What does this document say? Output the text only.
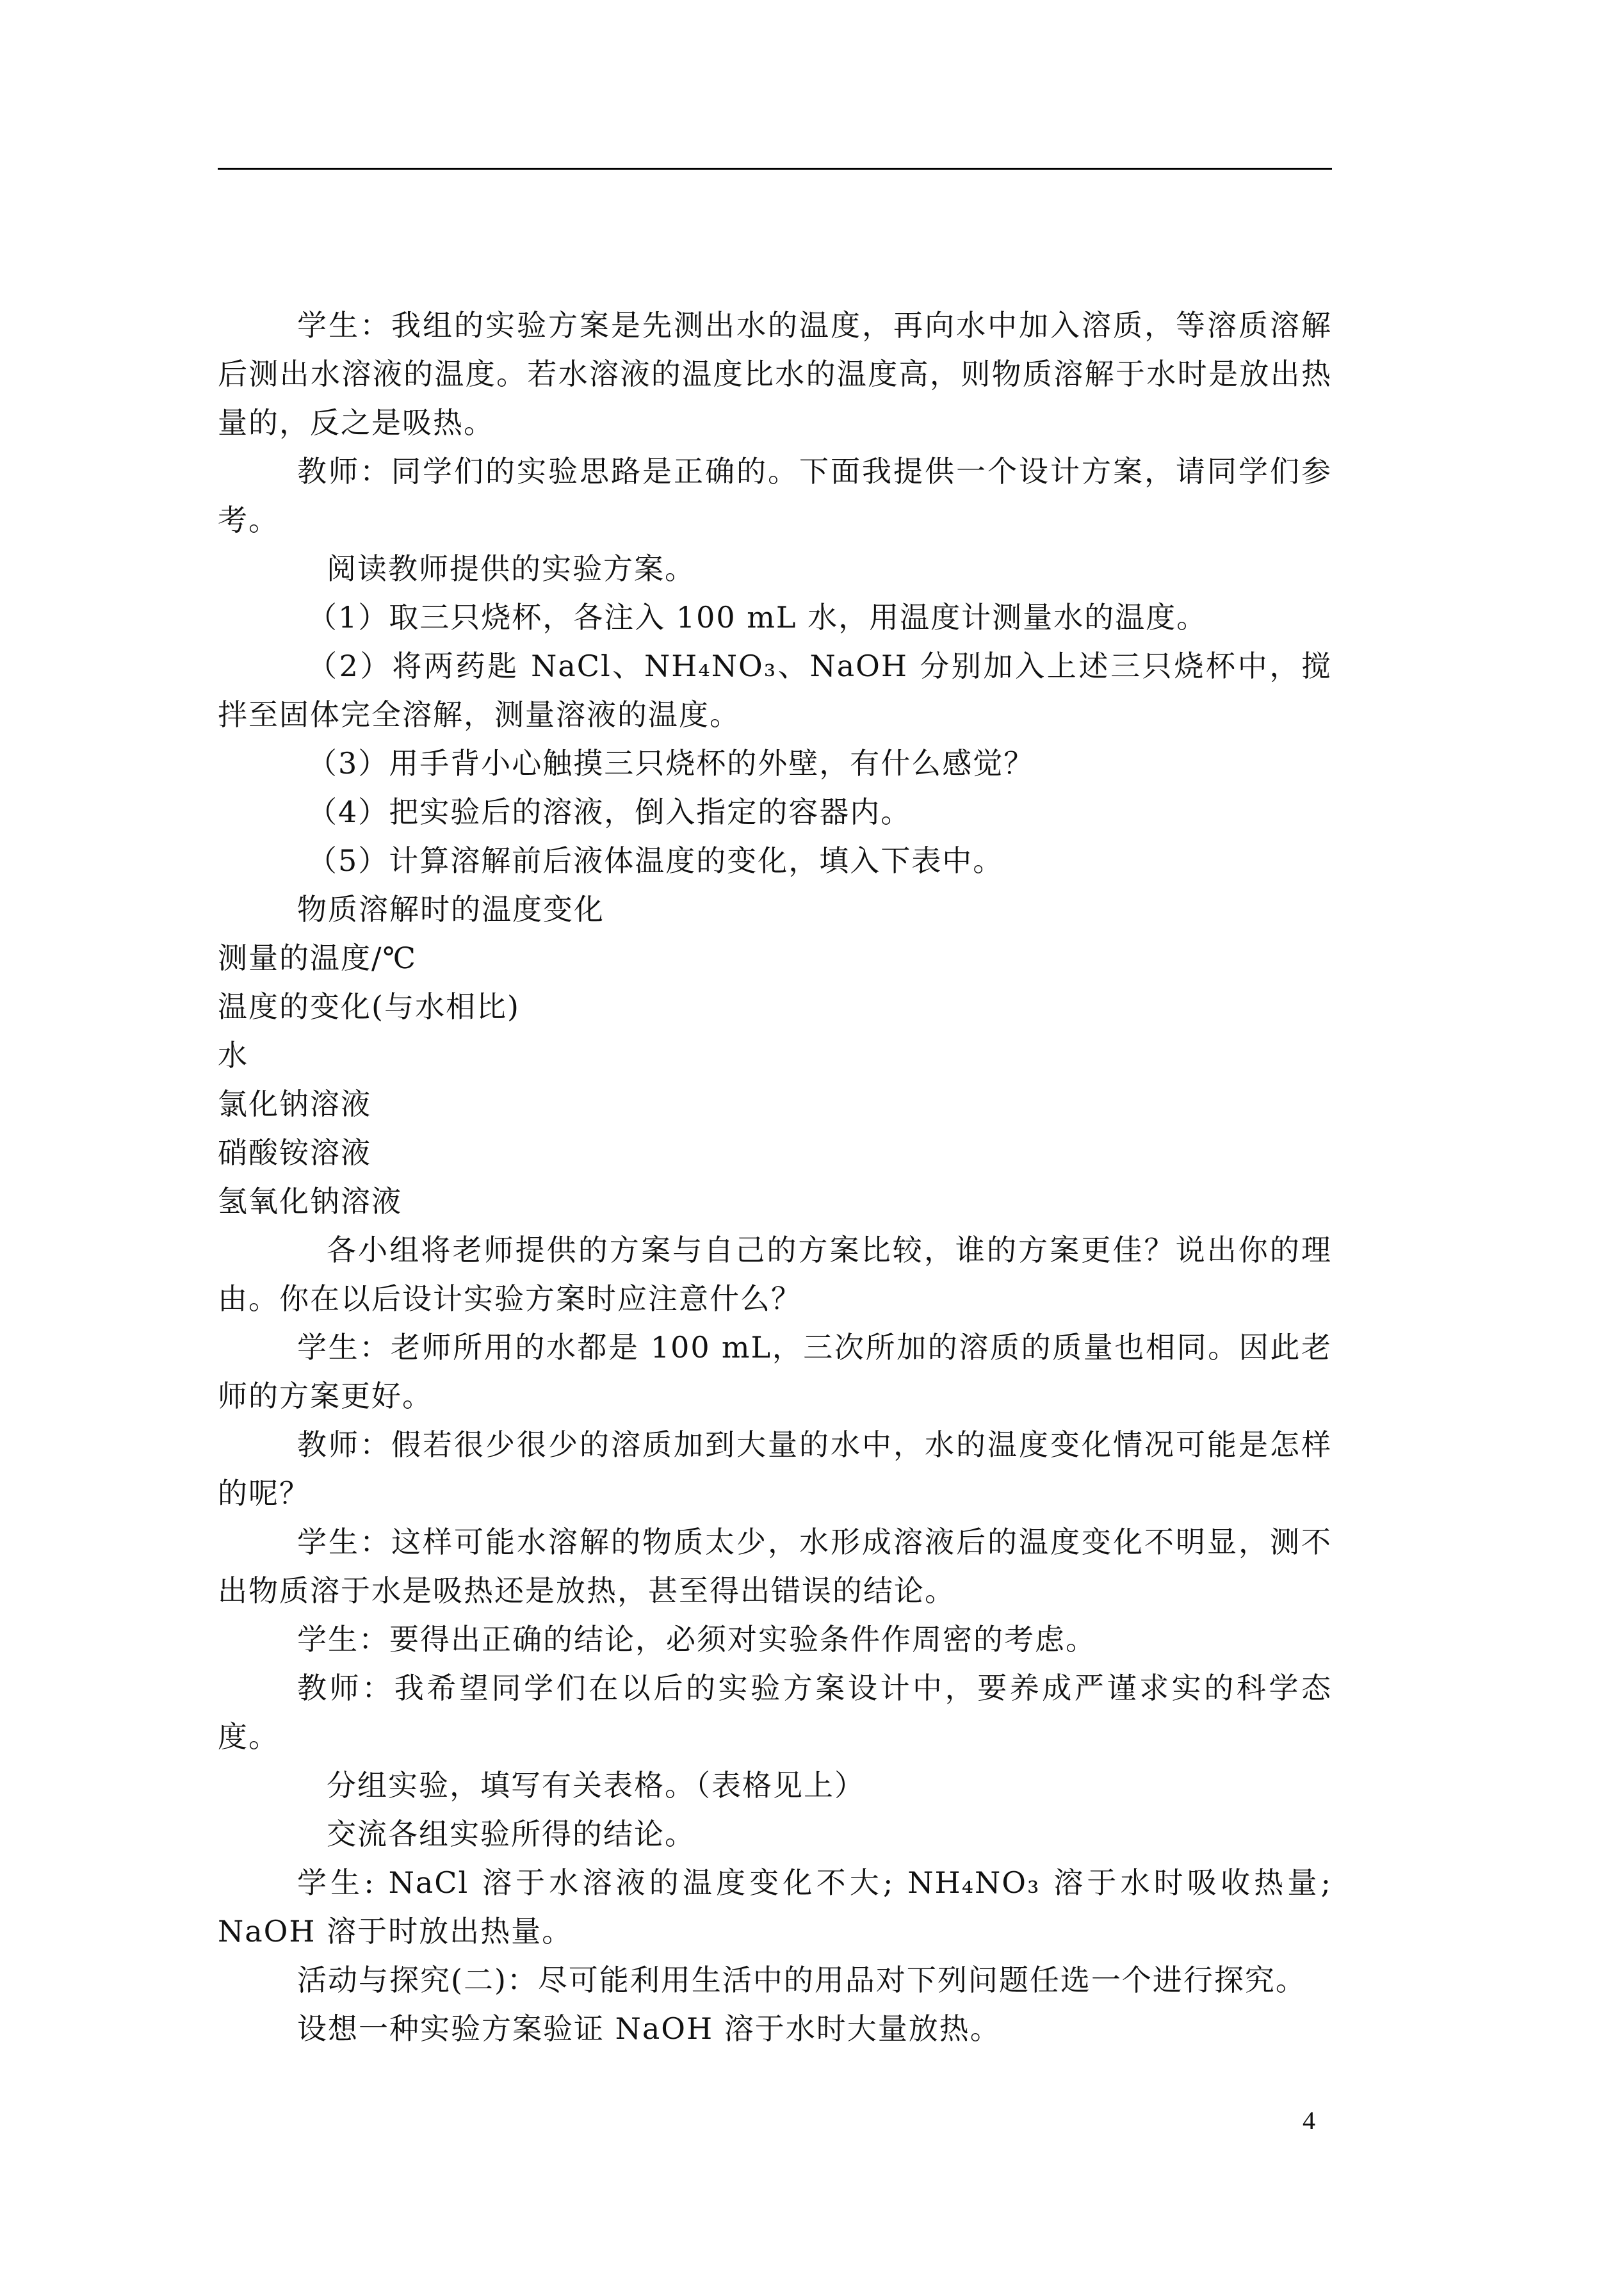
学生：我组的实验方案是先测出水的温度，再向水中加入溶质，等溶质溶解后测出水溶液的温度。若水溶液的温度比水的温度高，则物质溶解于水时是放出热量的，反之是吸热。

教师：同学们的实验思路是正确的。下面我提供一个设计方案，请同学们参考。

阅读教师提供的实验方案。

（1）取三只烧杯，各注入 100 mL 水，用温度计测量水的温度。

（2）将两药匙 NaCl、NH₄NO₃、NaOH 分别加入上述三只烧杯中，搅拌至固体完全溶解，测量溶液的温度。

（3）用手背小心触摸三只烧杯的外壁，有什么感觉？

（4）把实验后的溶液，倒入指定的容器内。

（5）计算溶解前后液体温度的变化，填入下表中。

物质溶解时的温度变化

测量的温度/℃

温度的变化(与水相比)

水

氯化钠溶液

硝酸铵溶液

氢氧化钠溶液

各小组将老师提供的方案与自己的方案比较，谁的方案更佳？说出你的理由。你在以后设计实验方案时应注意什么？

学生：老师所用的水都是 100 mL，三次所加的溶质的质量也相同。因此老师的方案更好。

教师：假若很少很少的溶质加到大量的水中，水的温度变化情况可能是怎样的呢？

学生：这样可能水溶解的物质太少，水形成溶液后的温度变化不明显，测不出物质溶于水是吸热还是放热，甚至得出错误的结论。

学生：要得出正确的结论，必须对实验条件作周密的考虑。

教师：我希望同学们在以后的实验方案设计中，要养成严谨求实的科学态度。

分组实验，填写有关表格。（表格见上）

交流各组实验所得的结论。

学生: NaCl 溶于水溶液的温度变化不大; NH₄NO₃ 溶于水时吸收热量; NaOH 溶于时放出热量。

活动与探究(二)：尽可能利用生活中的用品对下列问题任选一个进行探究。

设想一种实验方案验证 NaOH 溶于水时大量放热。

4
